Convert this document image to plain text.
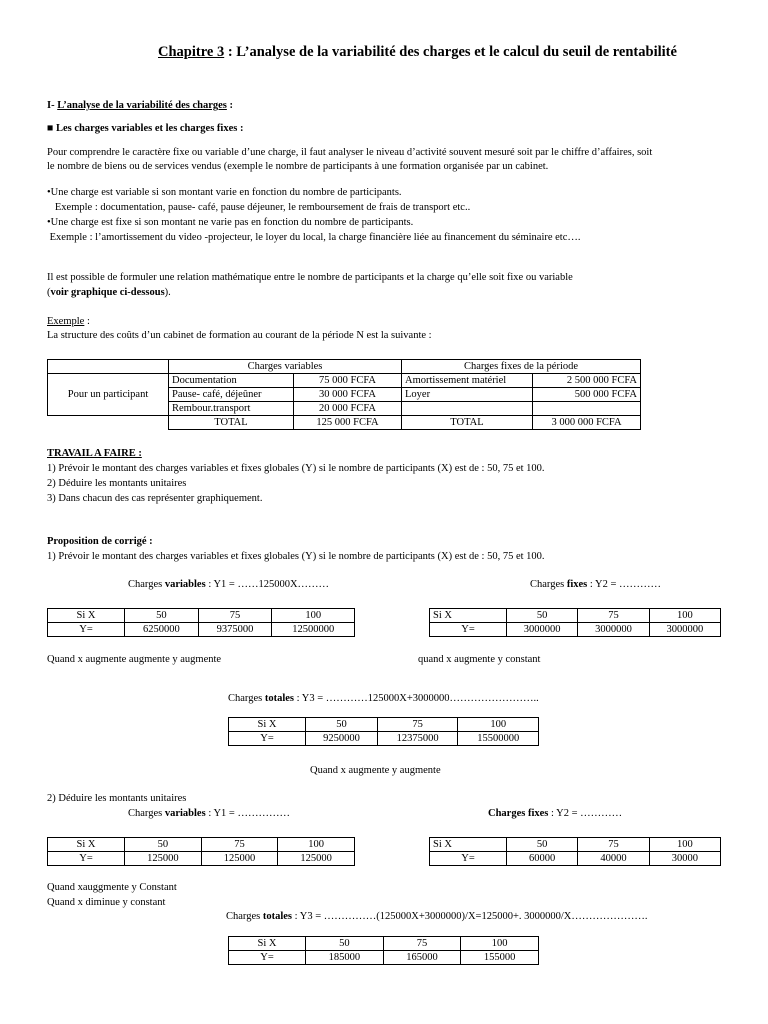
Chapitre 3 : L’analyse de la variabilité des charges et le calcul du seuil de rentabilité
I- L’analyse de la variabilité des charges :
■ Les charges variables et les charges fixes :
Pour comprendre le caractère fixe ou variable d’une charge, il faut analyser le niveau d’activité souvent mesuré soit par le chiffre d’affaires, soit
le nombre de biens ou de services vendus (exemple le nombre de participants à une formation organisée par un cabinet.
•Une charge est variable si son montant varie en fonction du nombre de participants.
Exemple : documentation, pause- café, pause déjeuner, le remboursement de frais de transport etc..
•Une charge est fixe si son montant ne varie pas en fonction du nombre de participants.
Exemple : l’amortissement du video -projecteur, le loyer du local, la charge financière liée au financement du séminaire etc….
Il est possible de formuler une relation mathématique entre le nombre de participants et la charge qu’elle soit fixe ou variable
(voir graphique ci-dessous).
Exemple :
La structure des coûts d’un cabinet de formation au courant de la période N est la suivante :
	Charges variables		Charges fixes de la période	
Pour un participant	Documentation	75 000 FCFA	Amortissement matériel	2 500 000 FCFA
	Pause- café, déjeûner	30 000 FCFA	Loyer	500 000 FCFA
	Rembour.transport	20 000 FCFA		
	TOTAL	125 000 FCFA	TOTAL	3 000 000 FCFA
TRAVAIL A FAIRE :
1) Prévoir le montant des charges variables et fixes globales (Y) si le nombre de participants (X) est de : 50, 75 et 100.
2) Déduire les montants unitaires
3) Dans chacun des cas représenter graphiquement.
Proposition de corrigé :
1) Prévoir le montant des charges variables et fixes globales (Y) si le nombre de participants (X) est de : 50, 75 et 100.
Charges variables : Y1 = ……125000X………	Charges fixes : Y2 = …………
Si X	50	75	100
Y=	6250000	9375000	12500000
Si X	50	75	100
Y=	3000000	3000000	3000000
Quand x augmente augmente y augmente	quand x augmente y constant
Charges totales : Y3 = …………125000X+3000000……………………..
Si X	50	75	100
Y=	9250000	12375000	15500000
Quand x augmente y augmente
2) Déduire les montants unitaires
Charges variables : Y1 = ……………	Charges fixes : Y2 = …………
Si X	50	75	100
Y=	125000	125000	125000
Si X	50	75	100
Y=	60000	40000	30000
Quand xauggmente y Constant
Quand x diminue y constant
Charges totales : Y3 = ……………(125000X+3000000)/X=125000+. 3000000/X………………….
Si X	50	75	100
Y=	185000	165000	155000
